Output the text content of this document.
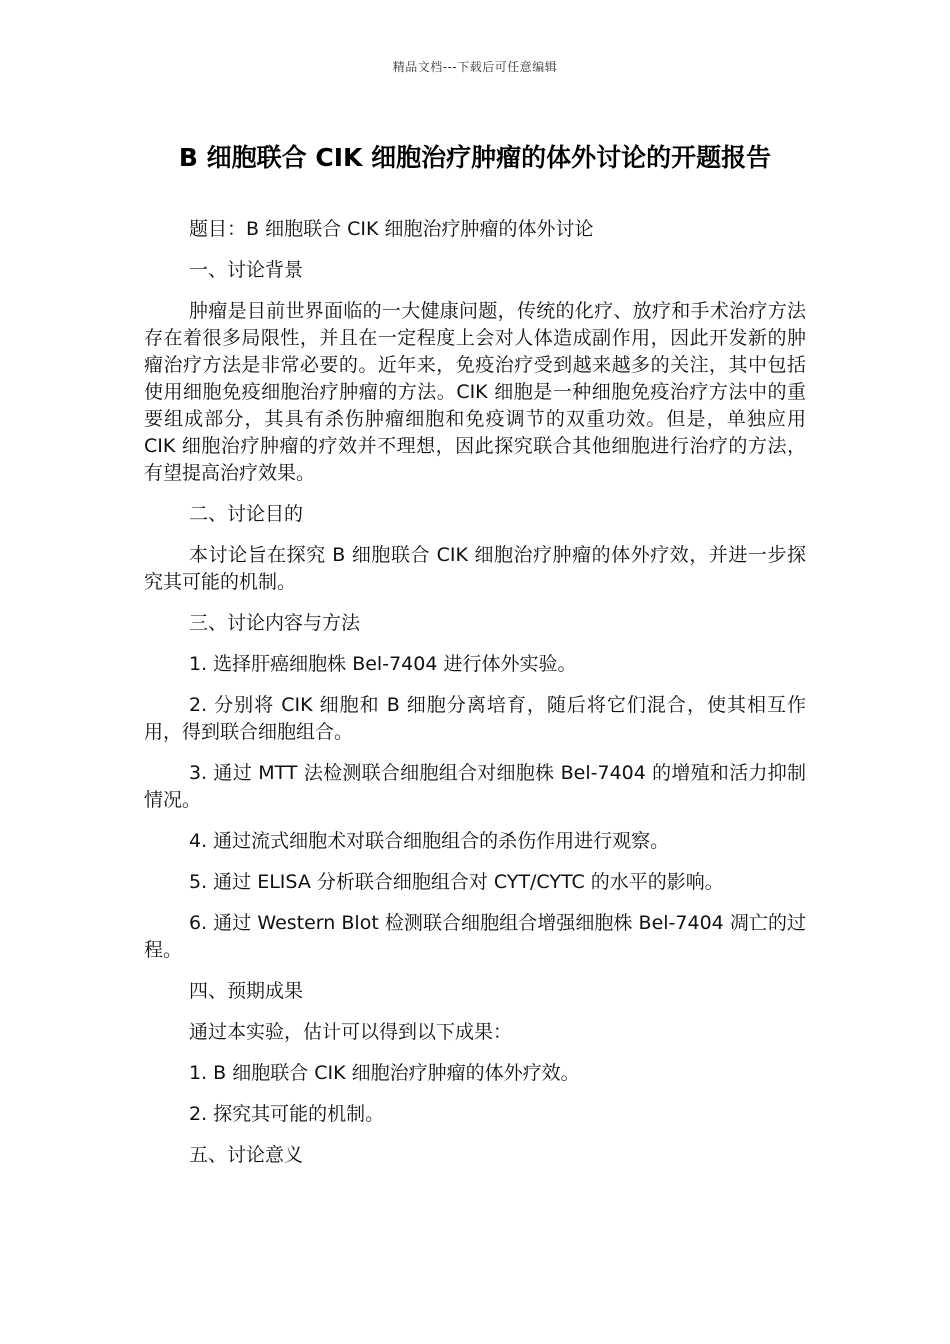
精品文档---下载后可任意编辑
B 细胞联合 CIK 细胞治疗肿瘤的体外讨论的开题报告

题目：B 细胞联合 CIK 细胞治疗肿瘤的体外讨论

一、讨论背景

肿瘤是目前世界面临的一大健康问题，传统的化疗、放疗和手术治疗方法存在着很多局限性，并且在一定程度上会对人体造成副作用，因此开发新的肿瘤治疗方法是非常必要的。近年来，免疫治疗受到越来越多的关注，其中包括使用细胞免疫细胞治疗肿瘤的方法。CIK 细胞是一种细胞免疫治疗方法中的重要组成部分，其具有杀伤肿瘤细胞和免疫调节的双重功效。但是，单独应用 CIK 细胞治疗肿瘤的疗效并不理想，因此探究联合其他细胞进行治疗的方法，有望提高治疗效果。

二、讨论目的

本讨论旨在探究 B 细胞联合 CIK 细胞治疗肿瘤的体外疗效，并进一步探究其可能的机制。

三、讨论内容与方法

1. 选择肝癌细胞株 Bel-7404 进行体外实验。

2. 分别将 CIK 细胞和 B 细胞分离培育，随后将它们混合，使其相互作用，得到联合细胞组合。

3. 通过 MTT 法检测联合细胞组合对细胞株 Bel-7404 的增殖和活力抑制情况。

4. 通过流式细胞术对联合细胞组合的杀伤作用进行观察。

5. 通过 ELISA 分析联合细胞组合对 CYT/CYTC 的水平的影响。

6. 通过 Western Blot 检测联合细胞组合增强细胞株 Bel-7404 凋亡的过程。

四、预期成果

通过本实验，估计可以得到以下成果：

1. B 细胞联合 CIK 细胞治疗肿瘤的体外疗效。

2. 探究其可能的机制。

五、讨论意义
